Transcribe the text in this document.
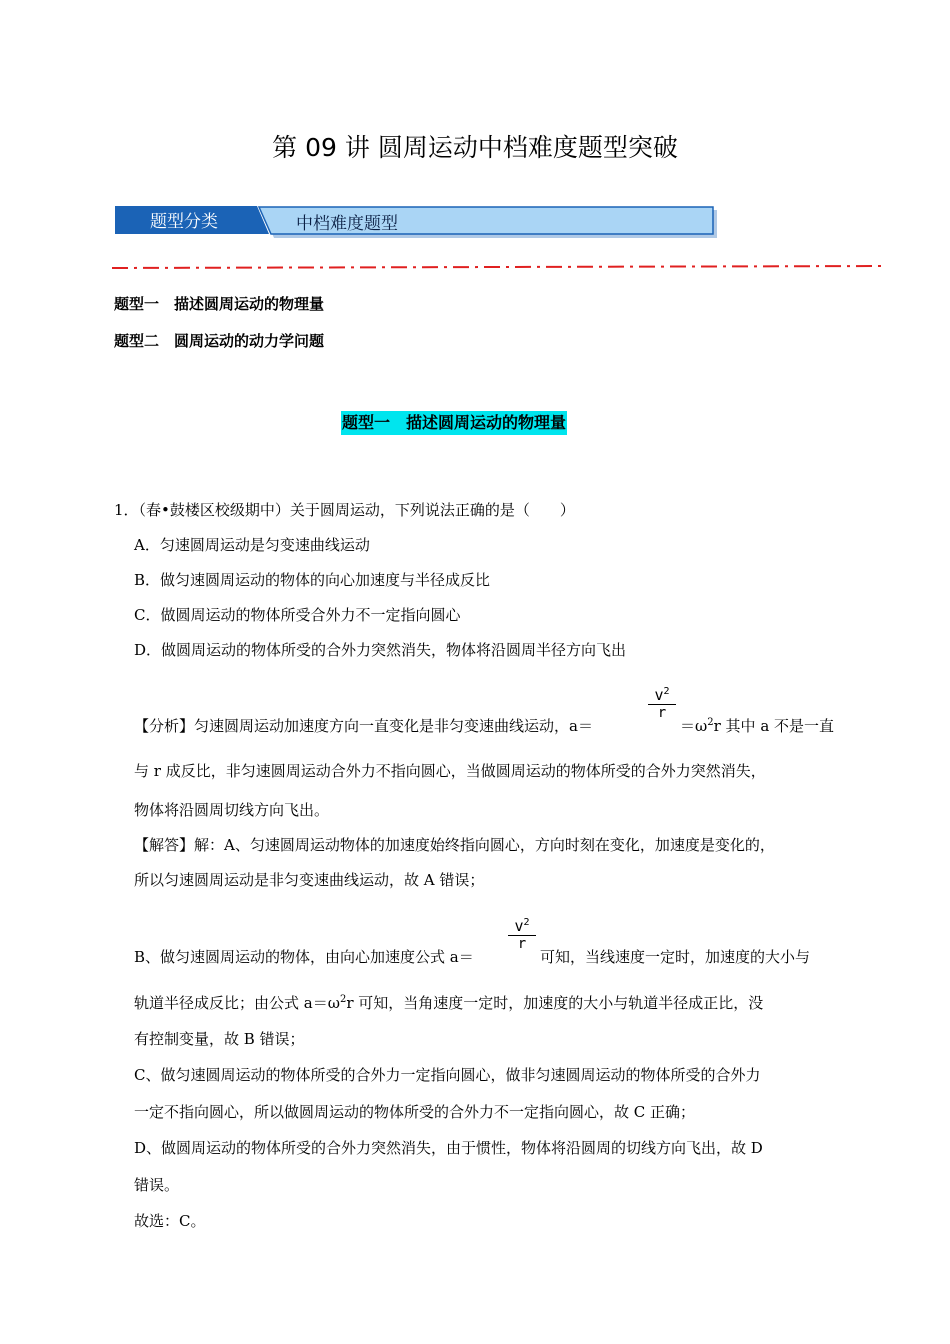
第 09 讲 圆周运动中档难度题型突破
题型分类	中档难度题型
题型一　描述圆周运动的物理量
题型二　圆周运动的动力学问题
题型一　描述圆周运动的物理量
1．（春•鼓楼区校级期中）关于圆周运动，下列说法正确的是（　　）
A．匀速圆周运动是匀变速曲线运动
B．做匀速圆周运动的物体的向心加速度与半径成反比
C．做圆周运动的物体所受合外力不一定指向圆心
D．做圆周运动的物体所受的合外力突然消失，物体将沿圆周半径方向飞出
【分析】匀速圆周运动加速度方向一直变化是非匀变速曲线运动，a＝
$v^2$
r
$=\omega^2r$ 其中 a 不是一直
与 r 成反比，非匀速圆周运动合外力不指向圆心，当做圆周运动的物体所受的合外力突然消失，
物体将沿圆周切线方向飞出。
【解答】解：A、匀速圆周运动物体的加速度始终指向圆心，方向时刻在变化，加速度是变化的，
所以匀速圆周运动是非匀变速曲线运动，故 A 错误；
B、做匀速圆周运动的物体，由向心加速度公式 a＝
$v^2$
r
可知，当线速度一定时，加速度的大小与
轨道半径成反比；由公式 $a=\omega^2r$ 可知，当角速度一定时，加速度的大小与轨道半径成正比，没
有控制变量，故 B 错误；
C、做匀速圆周运动的物体所受的合外力一定指向圆心，做非匀速圆周运动的物体所受的合外力
一定不指向圆心，所以做圆周运动的物体所受的合外力不一定指向圆心，故 C 正确；
D、做圆周运动的物体所受的合外力突然消失，由于惯性，物体将沿圆周的切线方向飞出，故 D
错误。
故选：C。
